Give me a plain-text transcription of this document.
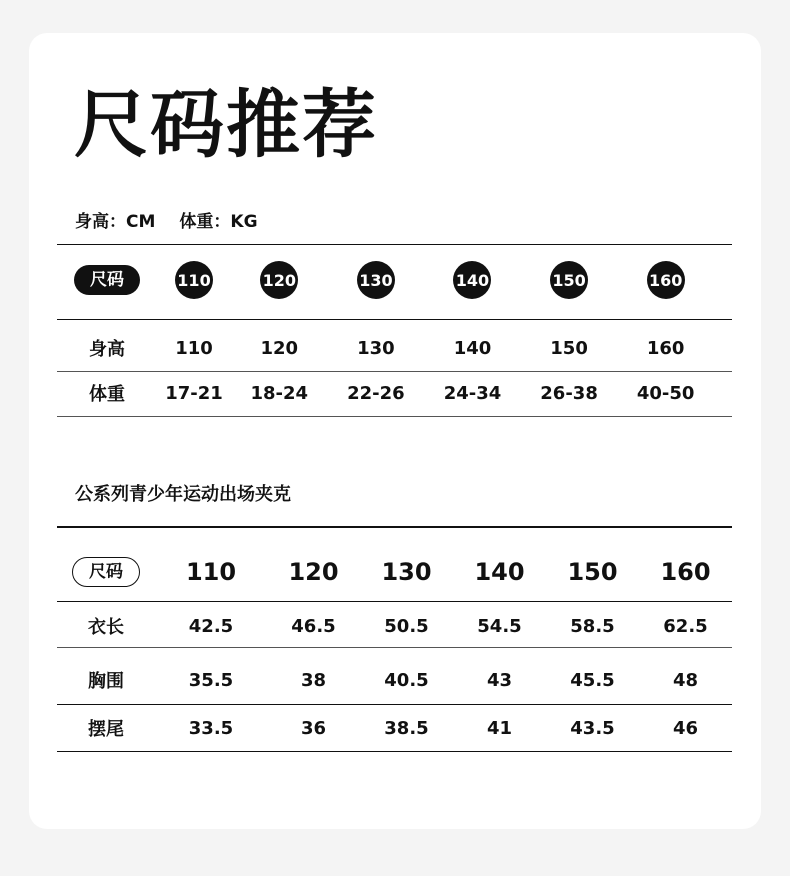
尺码推荐
身高：CM 体重：KG
尺码	110	120	130	140	150	160
身高	110	120	130	140	150	160
体重	17-21	18-24	22-26	24-34	26-38	40-50
公系列青少年运动出场夹克
尺码	110	120	130	140	150	160
衣长	42.5	46.5	50.5	54.5	58.5	62.5
胸围	35.5	38	40.5	43	45.5	48
摆尾	33.5	36	38.5	41	43.5	46
